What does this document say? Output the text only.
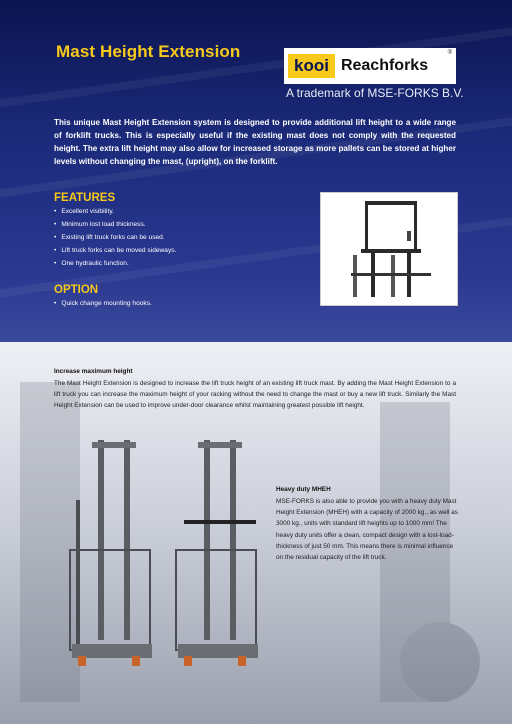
Mast Height Extension
kooi Reachforks
®
A trademark of MSE-FORKS B.V.
This unique Mast Height Extension system is designed to provide additional lift height to a wide range of forklift trucks. This is especially useful if the existing mast does not comply with the requested height. The extra lift height may also allow for increased storage as more pallets can be stored at higher levels without changing the mast, (upright), on the forklift.
FEATURES
• Excellent visibility.
• Minimum lost load thickness.
• Existing lift truck forks can be used.
• Lift truck forks can be moved sideways.
• One hydraulic function.
OPTION
• Quick change mounting hooks.
Increase maximum height
The Mast Height Extension is designed to increase the lift truck height of an existing lift truck mast. By adding the Mast Height Extension to a lift truck you can increase the maximum height of your racking without the need to change the mast or buy a new lift truck. Similarly the Mast Height Extension can be used to improve under-door clearance whilst maintaining greatest possible lift height.
Heavy duty MHEH
MSE-FORKS is also able to provide you with a heavy duty Mast Height Extension (MHEH) with a capacity of 2000 kg., as well as 3000 kg., units with standard lift heights up to 1000 mm! The heavy duty units offer a clean, compact design with a lost-load-thickness of just 50 mm. This means there is minimal influence on the residual capacity of the lift truck.
